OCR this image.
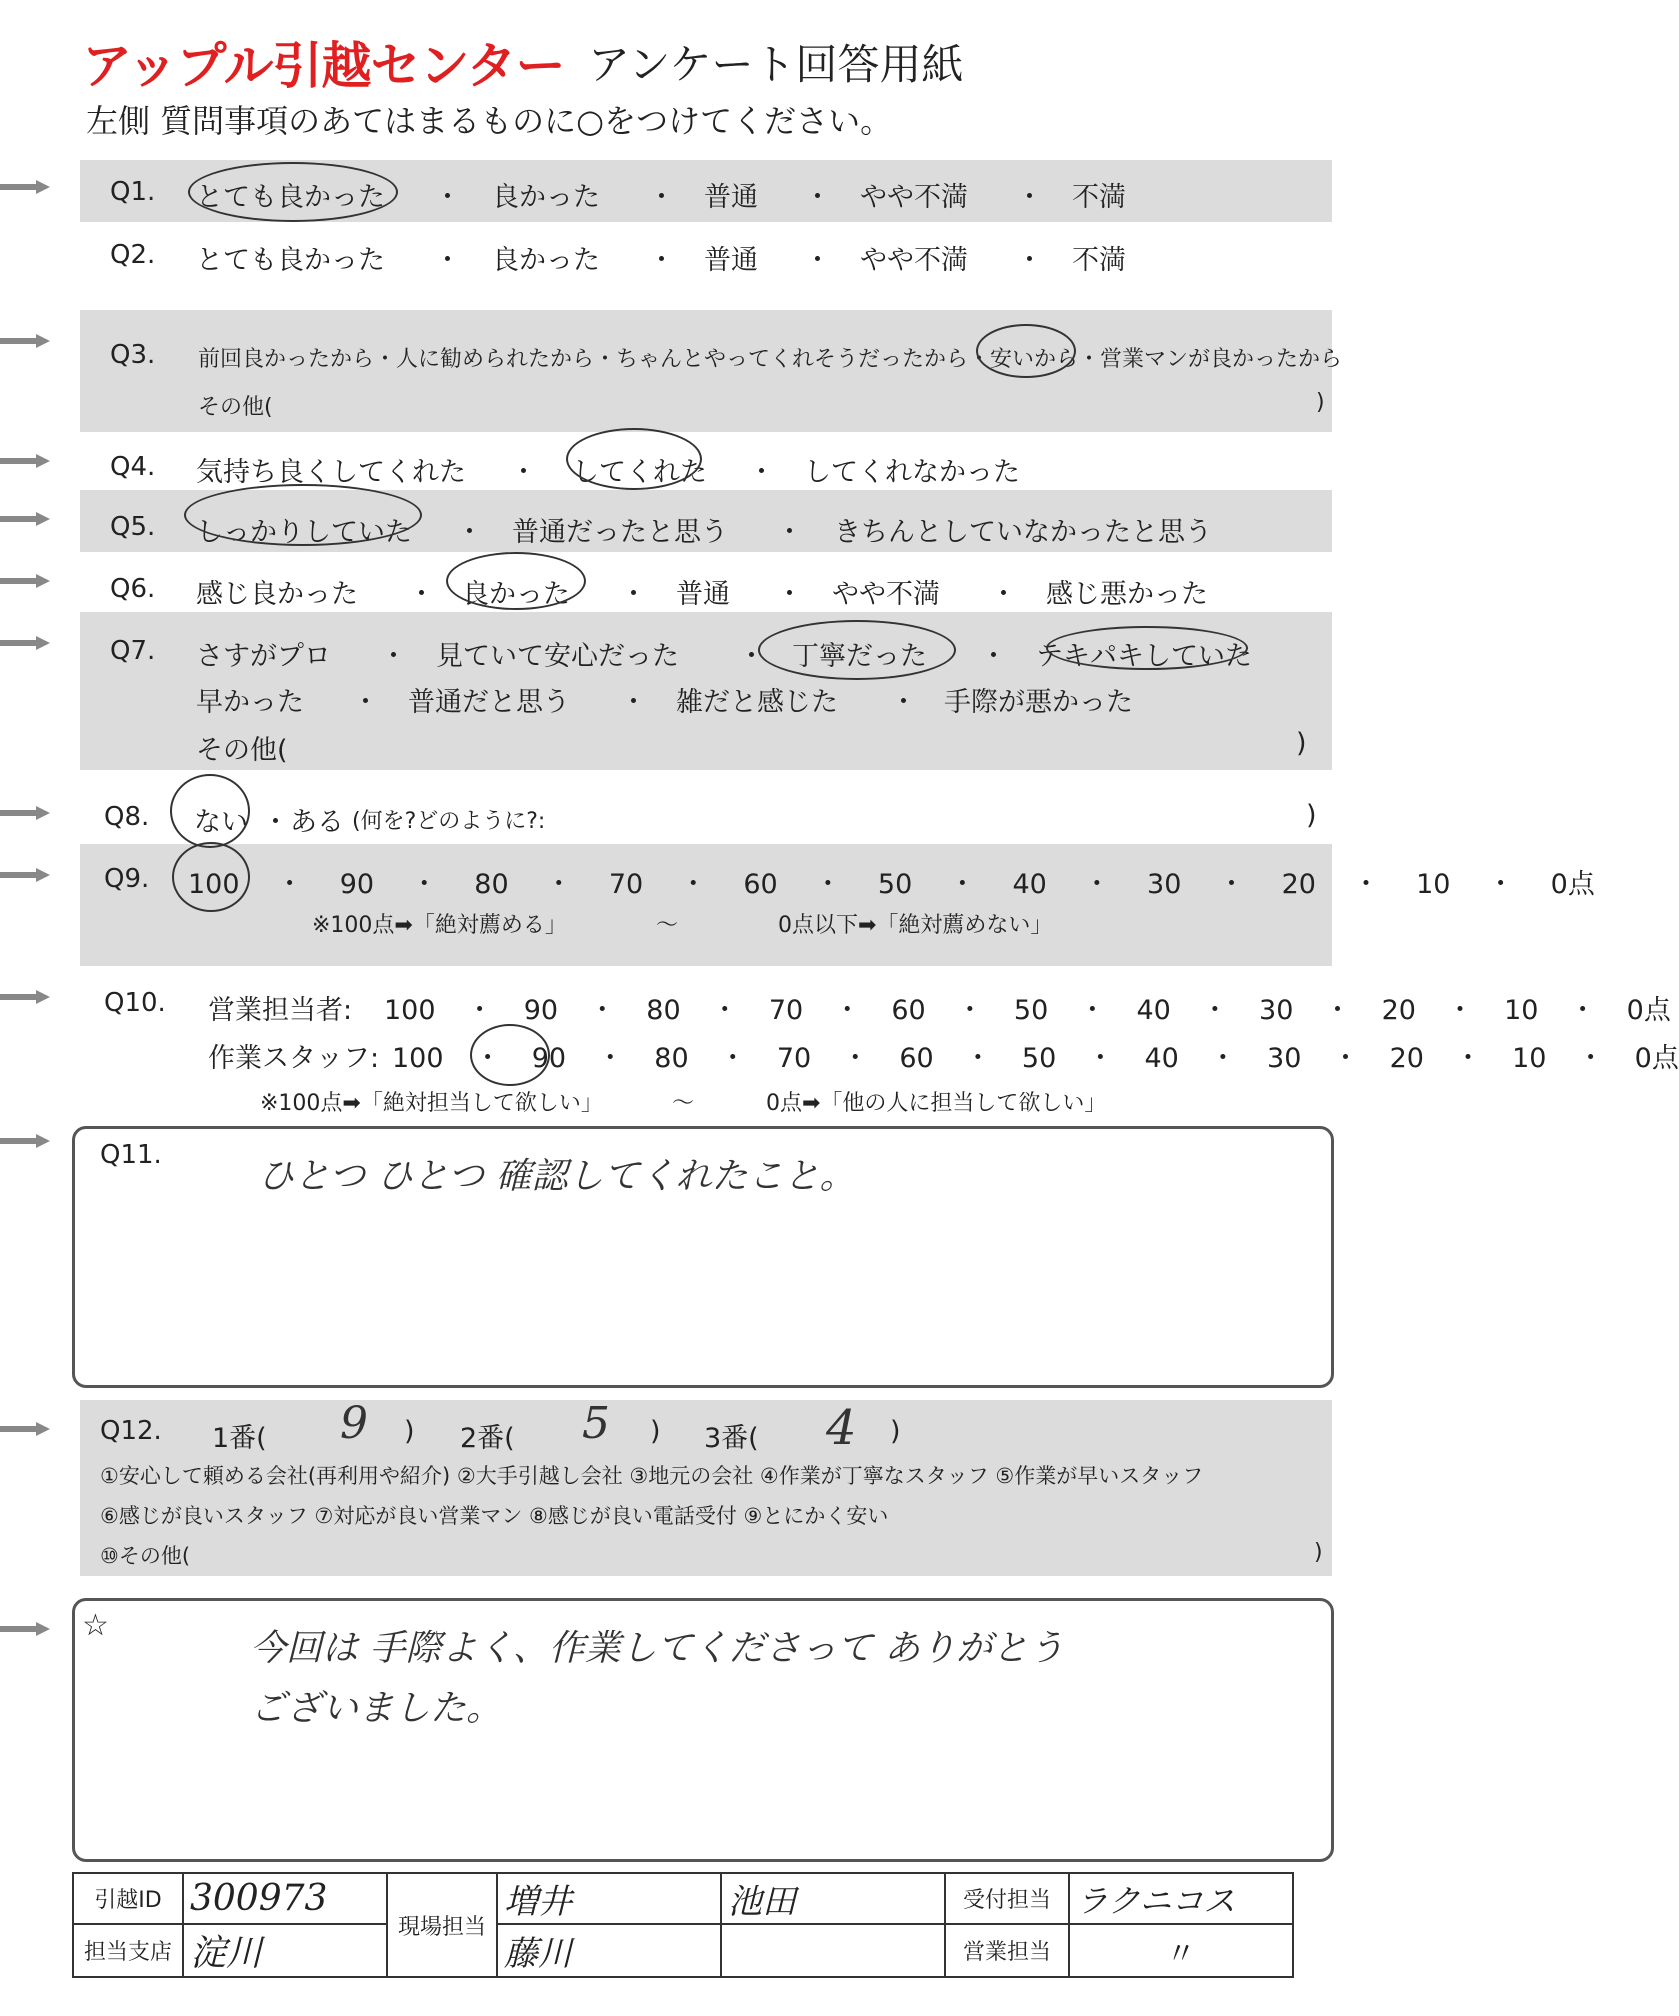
アップル引越センター アンケート回答用紙
左側 質問事項のあてはまるものに○をつけてください。
Q1. とても良かった ・ 良かった ・ 普通 ・ やや不満 ・ 不満
Q2. とても良かった ・ 良かった ・ 普通 ・ やや不満 ・ 不満
Q3. 前回良かったから・人に勧められたから・ちゃんとやってくれそうだったから・安いから・営業マンが良かったから
その他(	)
Q4. 気持ち良くしてくれた ・ してくれた ・ してくれなかった
Q5. しっかりしていた ・ 普通だったと思う ・ きちんとしていなかったと思う
Q6. 感じ良かった ・ 良かった ・ 普通 ・ やや不満 ・ 感じ悪かった
Q7. さすがプロ ・ 見ていて安心だった ・ 丁寧だった ・ テキパキしていた
早かった ・ 普通だと思う ・ 雑だと感じた ・ 手際が悪かった
その他(	)
Q8. ない ・ ある (何を?どのように?:	)
Q9. 100 ・ 90 ・ 80 ・ 70 ・ 60 ・ 50 ・ 40 ・ 30 ・ 20 ・ 10 ・ 0点
※100点➡「絶対薦める」	～	0点以下➡「絶対薦めない」
Q10. 営業担当者: 100 ・ 90 ・ 80 ・ 70 ・ 60 ・ 50 ・ 40 ・ 30 ・ 20 ・ 10 ・ 0点
作業スタッフ: 100 ・ 90 ・ 80 ・ 70 ・ 60 ・ 50 ・ 40 ・ 30 ・ 20 ・ 10 ・ 0点
※100点➡「絶対担当して欲しい」	～	0点➡「他の人に担当して欲しい」
Q11.
ひとつ ひとつ 確認してくれたこと。
Q12. 1番( 9 ) 2番( 5 ) 3番( 4 )
①安心して頼める会社(再利用や紹介) ②大手引越し会社 ③地元の会社 ④作業が丁寧なスタッフ ⑤作業が早いスタッフ
⑥感じが良いスタッフ ⑦対応が良い営業マン ⑧感じが良い電話受付 ⑨とにかく安い
⑩その他(	)
☆
今回は 手際よく、作業してくださって ありがとう
ございました。
引越ID	300973	現場担当	増井	池田	受付担当	ラクニコス
担当支店	淀川		藤川		営業担当	〃
